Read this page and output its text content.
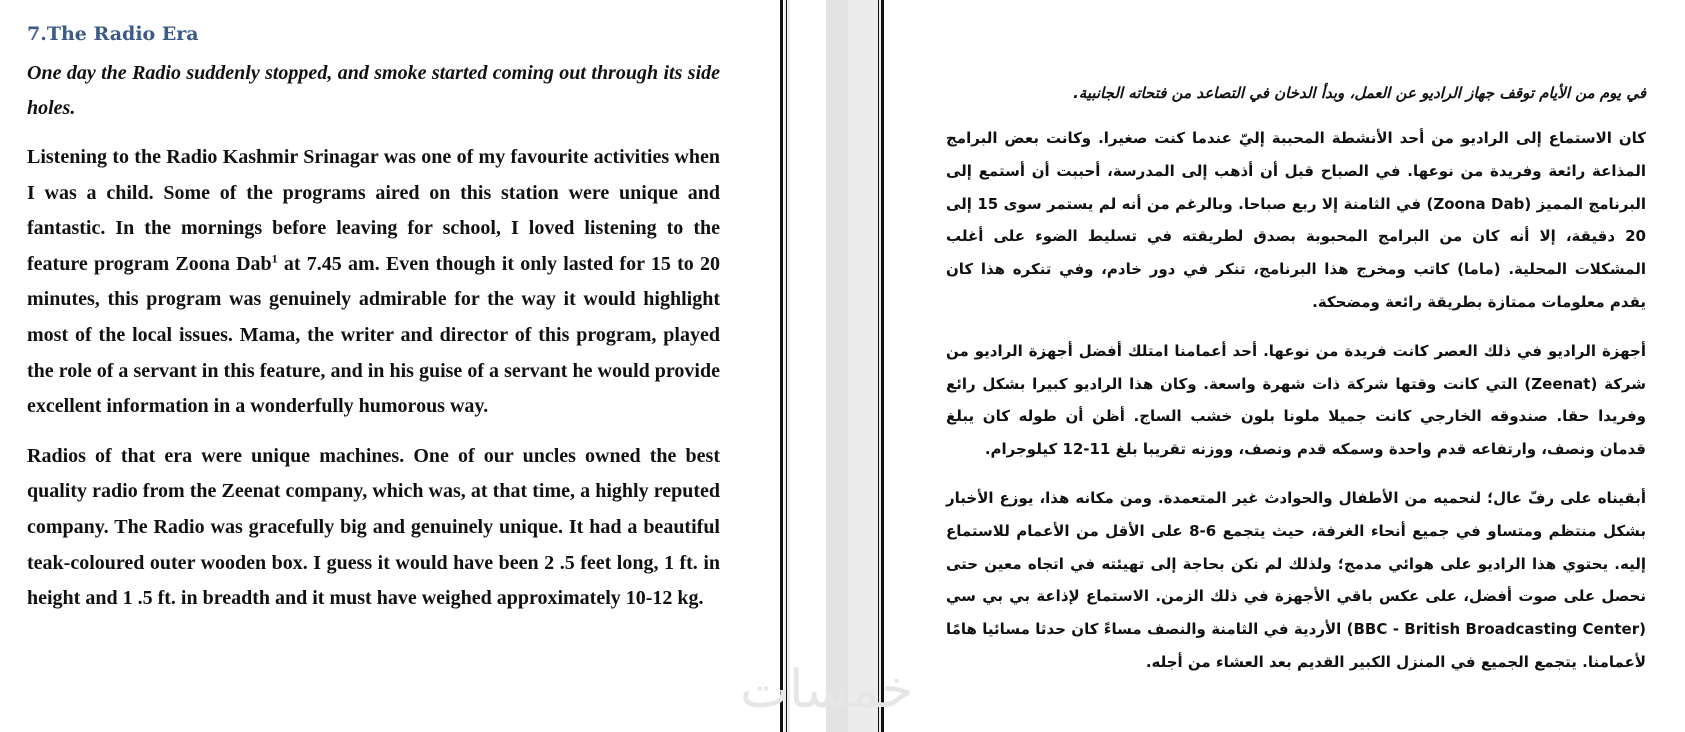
7.The Radio Era

One day the Radio suddenly stopped, and smoke started coming out through its side holes.

Listening to the Radio Kashmir Srinagar was one of my favourite activities when I was a child. Some of the programs aired on this station were unique and fantastic. In the mornings before leaving for school, I loved listening to the feature program Zoona Dab$^1$ at 7.45 am. Even though it only lasted for 15 to 20 minutes, this program was genuinely admirable for the way it would highlight most of the local issues. Mama, the writer and director of this program, played the role of a servant in this feature, and in his guise of a servant he would provide excellent information in a wonderfully humorous way.

Radios of that era were unique machines. One of our uncles owned the best quality radio from the Zeenat company, which was, at that time, a highly reputed company. The Radio was gracefully big and genuinely unique. It had a beautiful teak-coloured outer wooden box. I guess it would have been 2 .5 feet long, 1 ft. in height and 1 .5 ft. in breadth and it must have weighed approximately 10-12 kg.

في يوم من الأيام توقف جهاز الراديو عن العمل، وبدأ الدخان في التصاعد من فتحاته الجانبية.

كان الاستماع إلى الراديو من أحد الأنشطة المحببة إليّ عندما كنت صغيرا. وكانت بعض البرامج المذاعة رائعة وفريدة من نوعها. في الصباح قبل أن أذهب إلى المدرسة، أحببت أن أستمع إلى البرنامج المميز (Zoona Dab) في الثامنة إلا ربع صباحا. وبالرغم من أنه لم يستمر سوى 15 إلى 20 دقيقة، إلا أنه كان من البرامج المحبوبة بصدق لطريقته في تسليط الضوء على أغلب المشكلات المحلية. (ماما) كاتب ومخرج هذا البرنامج، تنكر في دور خادم، وفي تنكره هذا كان يقدم معلومات ممتازة بطريقة رائعة ومضحكة.

أجهزة الراديو في ذلك العصر كانت فريدة من نوعها. أحد أعمامنا امتلك أفضل أجهزة الراديو من شركة (Zeenat) التي كانت وقتها شركة ذات شهرة واسعة. وكان هذا الراديو كبيرا بشكل رائع وفريدا حقا. صندوقه الخارجي كانت جميلا ملونا بلون خشب الساج. أظن أن طوله كان يبلغ قدمان ونصف، وارتفاعه قدم واحدة وسمكه قدم ونصف، ووزنه تقريبا بلغ 11-12 كيلوجرام.

أبقيناه على رفّ عال؛ لنحميه من الأطفال والحوادث غير المتعمدة. ومن مكانه هذا، يوزع الأخبار بشكل منتظم ومتساو في جميع أنحاء الغرفة، حيث يتجمع 6-8 على الأقل من الأعمام للاستماع إليه. يحتوي هذا الراديو على هوائي مدمج؛ ولذلك لم نكن بحاجة إلى تهيئته في اتجاه معين حتى نحصل على صوت أفضل، على عكس باقي الأجهزة في ذلك الزمن. الاستماع لإذاعة بي بي سي (BBC - British Broadcasting Center) الأردية في الثامنة والنصف مساءً كان حدثا مسائيا هامًا لأعمامنا. يتجمع الجميع في المنزل الكبير القديم بعد العشاء من أجله.

خمسات
